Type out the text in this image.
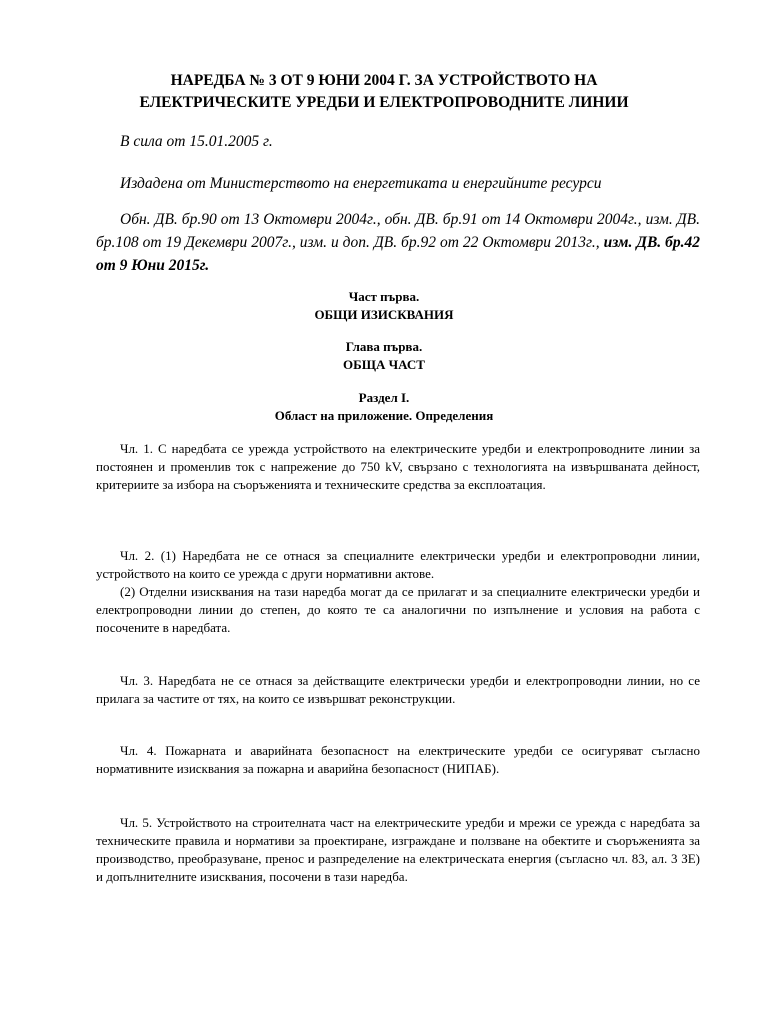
НАРЕДБА № 3 ОТ 9 ЮНИ 2004 Г. ЗА УСТРОЙСТВОТО НА ЕЛЕКТРИЧЕСКИТЕ УРЕДБИ И ЕЛЕКТРОПРОВОДНИТЕ ЛИНИИ

В сила от 15.01.2005 г.

Издадена от Министерството на енергетиката и енергийните ресурси

Обн. ДВ. бр.90 от 13 Октомври 2004г., обн. ДВ. бр.91 от 14 Октомври 2004г., изм. ДВ. бр.108 от 19 Декември 2007г., изм. и доп. ДВ. бр.92 от 22 Октомври 2013г., изм. ДВ. бр.42 от 9 Юни 2015г.

Част първа.
ОБЩИ ИЗИСКВАНИЯ
Глава първа.
ОБЩА ЧАСТ
Раздел I.
Област на приложение. Определения

Чл. 1. С наредбата се урежда устройството на електрическите уредби и електропроводните линии за постоянен и променлив ток с напрежение до 750 kV, свързано с технологията на извършваната дейност, критериите за избора на съоръженията и техническите средства за експлоатация.

Чл. 2. (1) Наредбата не се отнася за специалните електрически уредби и електропроводни линии, устройството на които се урежда с други нормативни актове.

(2) Отделни изисквания на тази наредба могат да се прилагат и за специалните електрически уредби и електропроводни линии до степен, до която те са аналогични по изпълнение и условия на работа с посочените в наредбата.

Чл. 3. Наредбата не се отнася за действащите електрически уредби и електропроводни линии, но се прилага за частите от тях, на които се извършват реконструкции.

Чл. 4. Пожарната и аварийната безопасност на електрическите уредби се осигуряват съгласно нормативните изисквания за пожарна и аварийна безопасност (НИПАБ).

Чл. 5. Устройството на строителната част на електрическите уредби и мрежи се урежда с наредбата за техническите правила и нормативи за проектиране, изграждане и ползване на обектите и съоръженията за производство, преобразуване, пренос и разпределение на електрическата енергия (съгласно чл. 83, ал. 3 ЗЕ) и допълнителните изисквания, посочени в тази наредба.
